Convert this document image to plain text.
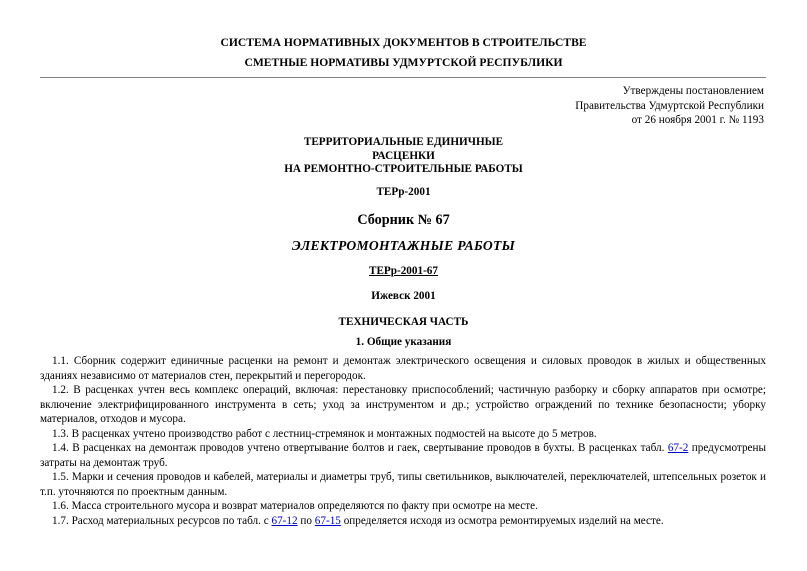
СИСТЕМА НОРМАТИВНЫХ ДОКУМЕНТОВ В СТРОИТЕЛЬСТВЕ
СМЕТНЫЕ НОРМАТИВЫ УДМУРТСКОЙ РЕСПУБЛИКИ
Утверждены постановлением
Правительства Удмуртской Республики
от 26 ноября 2001 г. № 1193
ТЕРРИТОРИАЛЬНЫЕ ЕДИНИЧНЫЕ
РАСЦЕНКИ
НА РЕМОНТНО-СТРОИТЕЛЬНЫЕ РАБОТЫ
ТЕРр-2001
Сборник № 67
ЭЛЕКТРОМОНТАЖНЫЕ РАБОТЫ
ТЕРр-2001-67
Ижевск 2001
ТЕХНИЧЕСКАЯ ЧАСТЬ
1. Общие указания

1.1. Сборник содержит единичные расценки на ремонт и демонтаж электрического освещения и силовых проводок в жилых и общественных зданиях независимо от материалов стен, перекрытий и перегородок.

1.2. В расценках учтен весь комплекс операций, включая: перестановку приспособлений; частичную разборку и сборку аппаратов при осмотре; включение электрифицированного инструмента в сеть; уход за инструментом и др.; устройство ограждений по технике безопасности; уборку материалов, отходов и мусора.

1.3. В расценках учтено производство работ с лестниц-стремянок и монтажных подмостей на высоте до 5 метров.

1.4. В расценках на демонтаж проводов учтено отвертывание болтов и гаек, свертывание проводов в бухты. В расценках табл. 67-2 предусмотрены затраты на демонтаж труб.

1.5. Марки и сечения проводов и кабелей, материалы и диаметры труб, типы светильников, выключателей, переключателей, штепсельных розеток и т.п. уточняются по проектным данным.

1.6. Масса строительного мусора и возврат материалов определяются по факту при осмотре на месте.

1.7. Расход материальных ресурсов по табл. с 67-12 по 67-15 определяется исходя из осмотра ремонтируемых изделий на месте.
